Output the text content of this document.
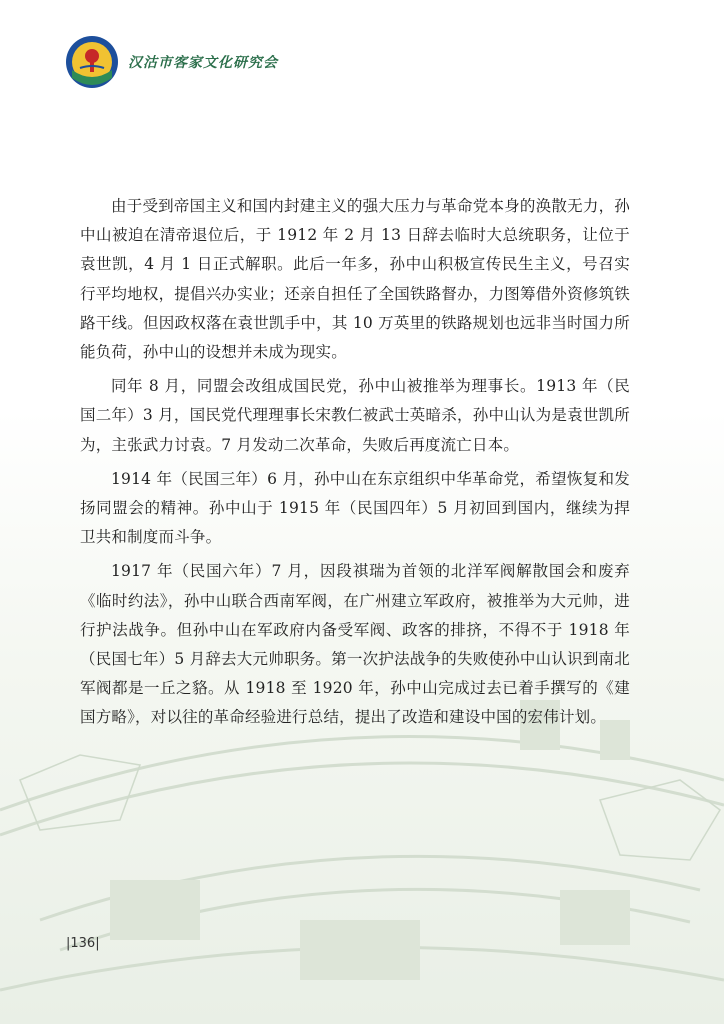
汉沽市客家文化研究会

由于受到帝国主义和国内封建主义的强大压力与革命党本身的涣散无力，孙中山被迫在清帝退位后，于 1912 年 2 月 13 日辞去临时大总统职务，让位于袁世凯，4 月 1 日正式解职。此后一年多，孙中山积极宣传民生主义，号召实行平均地权，提倡兴办实业；还亲自担任了全国铁路督办，力图筹借外资修筑铁路干线。但因政权落在袁世凯手中，其 10 万英里的铁路规划也远非当时国力所能负荷，孙中山的设想并未成为现实。

同年 8 月，同盟会改组成国民党，孙中山被推举为理事长。1913 年（民国二年）3 月，国民党代理理事长宋教仁被武士英暗杀，孙中山认为是袁世凯所为，主张武力讨袁。7 月发动二次革命，失败后再度流亡日本。

1914 年（民国三年）6 月，孙中山在东京组织中华革命党，希望恢复和发扬同盟会的精神。孙中山于 1915 年（民国四年）5 月初回到国内，继续为捍卫共和制度而斗争。

1917 年（民国六年）7 月，因段祺瑞为首领的北洋军阀解散国会和废弃《临时约法》，孙中山联合西南军阀，在广州建立军政府，被推举为大元帅，进行护法战争。但孙中山在军政府内备受军阀、政客的排挤，不得不于 1918 年（民国七年）5 月辞去大元帅职务。第一次护法战争的失败使孙中山认识到南北军阀都是一丘之貉。从 1918 至 1920 年，孙中山完成过去已着手撰写的《建国方略》，对以往的革命经验进行总结，提出了改造和建设中国的宏伟计划。

|136|
